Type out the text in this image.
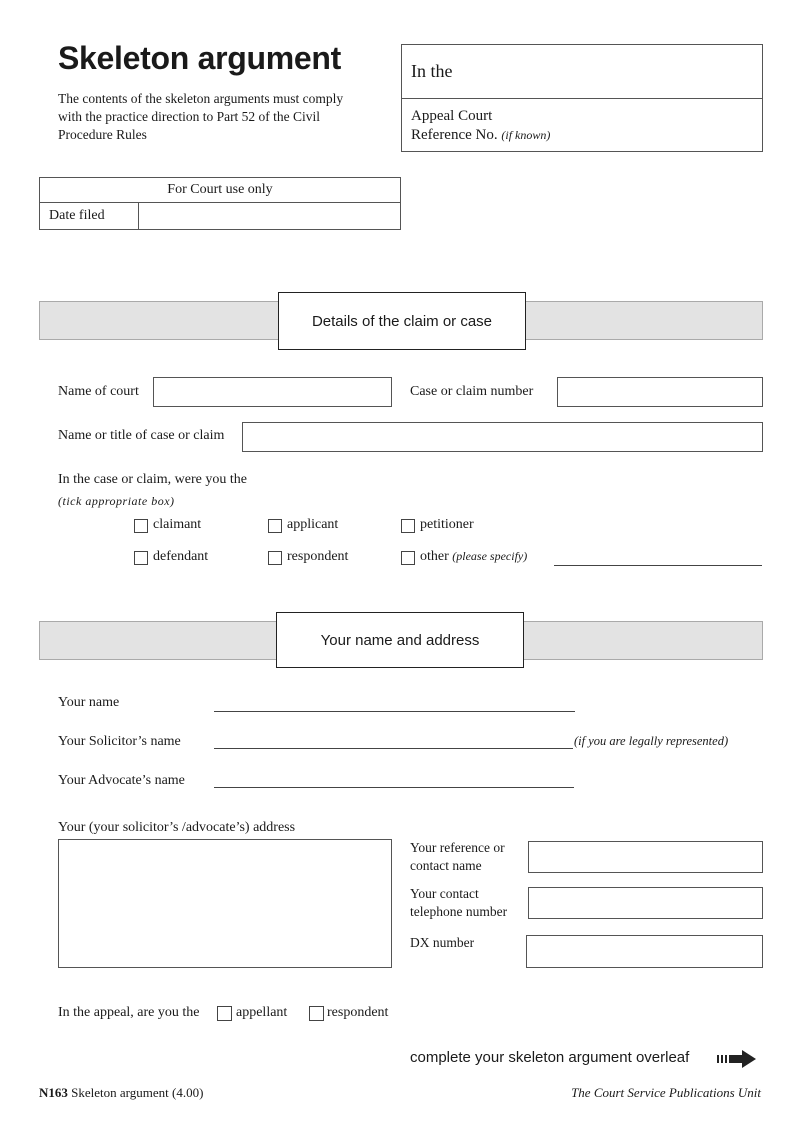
Skeleton argument
The contents of the skeleton arguments must comply
with the practice direction to Part 52 of the Civil
Procedure Rules
In the
Appeal Court
Reference No. (if known)
For Court use only
Date filed
Details of the claim or case
Name of court	Case or claim number
Name or title of case or claim
In the case or claim, were you the
(tick appropriate box)
claimant	applicant	petitioner
defendant	respondent	other (please specify)
Your name and address
Your name
Your Solicitor’s name	(if you are legally represented)
Your Advocate’s name
Your (your solicitor’s /advocate’s) address
Your reference or
contact name
Your contact
telephone number
DX number
In the appeal, are you the	appellant	respondent
complete your skeleton argument overleaf
N163 Skeleton argument (4.00)	The Court Service Publications Unit
